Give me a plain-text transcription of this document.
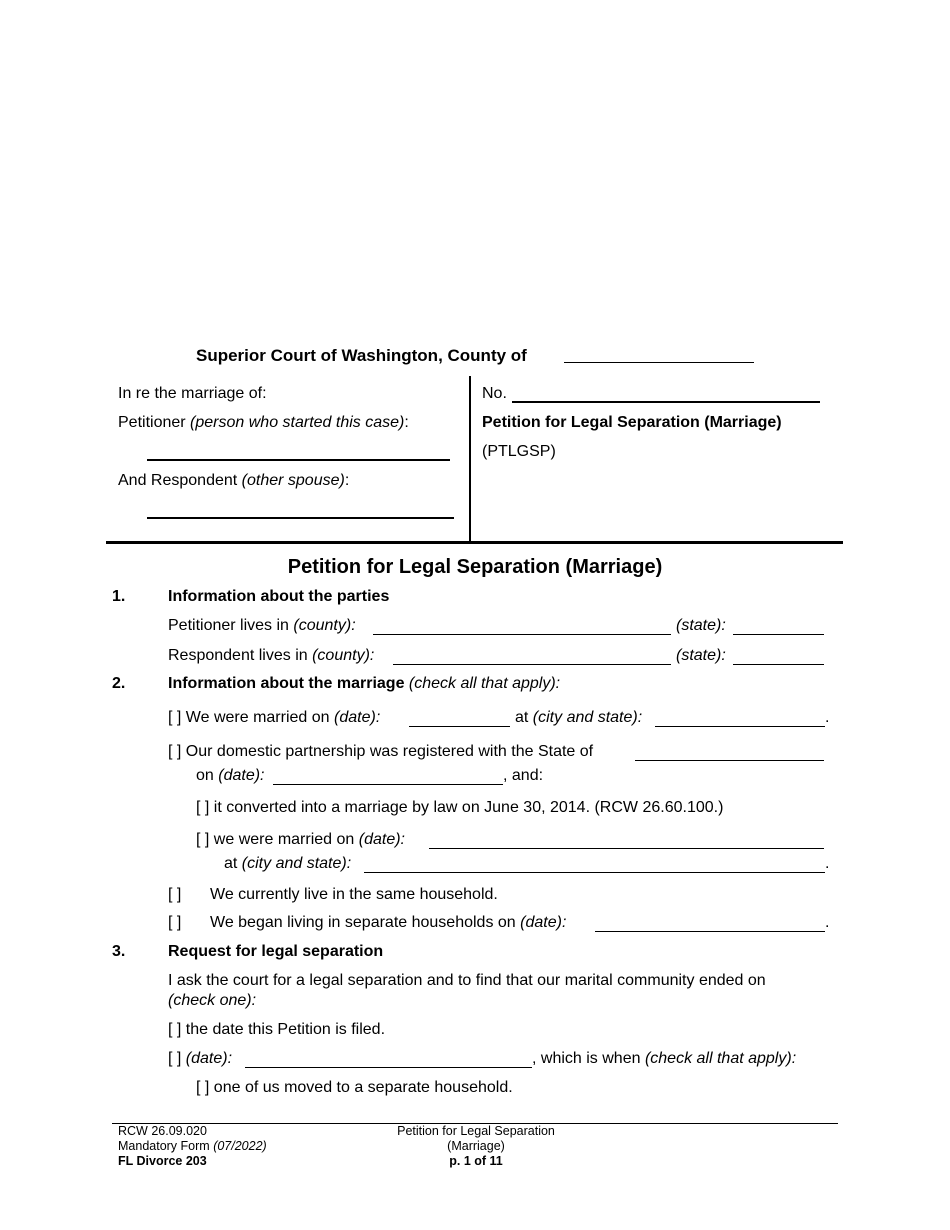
Superior Court of Washington, County of
In re the marriage of:
Petitioner (person who started this case):
And Respondent (other spouse):
No.
Petition for Legal Separation (Marriage)
(PTLGSP)
Petition for Legal Separation (Marriage)
1.	Information about the parties
Petitioner lives in (county):	(state):
Respondent lives in (county):	(state):
2.	Information about the marriage (check all that apply):
[ ] We were married on (date):	at (city and state):	.
[ ] Our domestic partnership was registered with the State of
on (date):	, and:
[ ] it converted into a marriage by law on June 30, 2014. (RCW 26.60.100.)
[ ] we were married on (date):
at (city and state):	.
[ ] We currently live in the same household.
[ ] We began living in separate households on (date):	.
3.	Request for legal separation
I ask the court for a legal separation and to find that our marital community ended on
(check one):
[ ] the date this Petition is filed.
[ ] (date):	, which is when (check all that apply):
[ ] one of us moved to a separate household.
RCW 26.09.020
Mandatory Form (07/2022)
FL Divorce 203
Petition for Legal Separation
(Marriage)
p. 1 of 11
